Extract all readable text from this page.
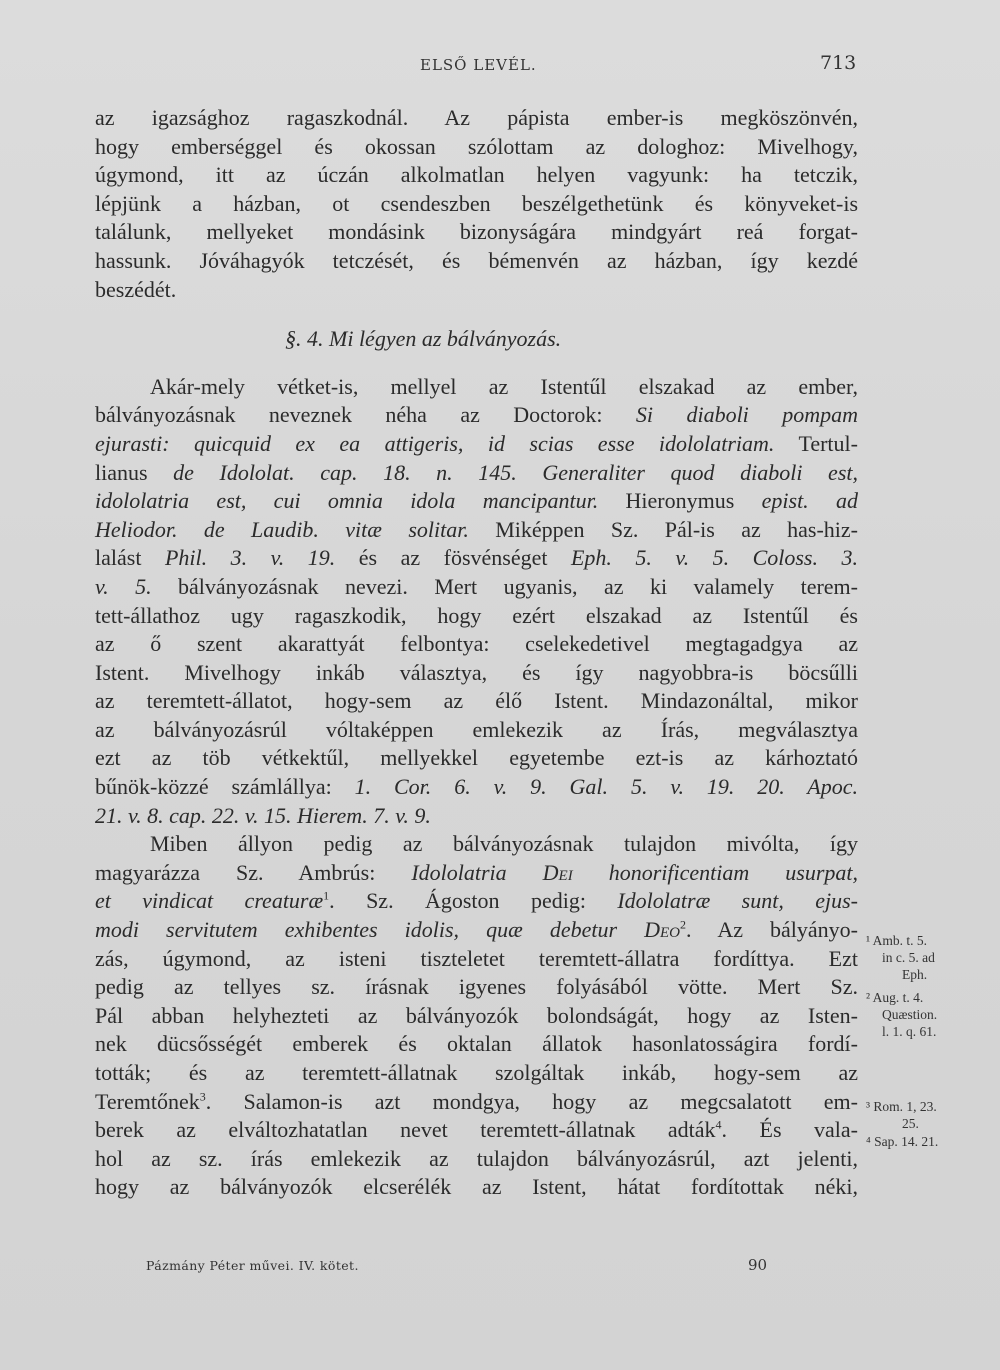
ELSŐ LEVÉL.	713
az igazsághoz ragaszkodnál. Az pápista ember-is megköszönvén,
hogy emberséggel és okossan szólottam az dologhoz: Mivelhogy,
úgymond, itt az úczán alkolmatlan helyen vagyunk: ha tetczik,
lépjünk a házban, ot csendeszben beszélgethetünk és könyveket-is
találunk, mellyeket mondásink bizonyságára mindgyárt reá forgat-
hassunk. Jóváhagyók tetczését, és bémenvén az házban, így kezdé
beszédét.
§. 4. Mi légyen az bálványozás.
Akár-mely vétket-is, mellyel az Istentűl elszakad az ember,
bálványozásnak neveznek néha az Doctorok: Si diaboli pompam
ejurasti: quicquid ex ea attigeris, id scias esse idololatriam. Tertul-
lianus de Idololat. cap. 18. n. 145. Generaliter quod diaboli est,
idololatria est, cui omnia idola mancipantur. Hieronymus epist. ad
Heliodor. de Laudib. vitæ solitar. Miképpen Sz. Pál-is az has-hiz-
lalást Phil. 3. v. 19. és az fösvénséget Eph. 5. v. 5. Coloss. 3.
v. 5. bálványozásnak nevezi. Mert ugyanis, az ki valamely terem-
tett-állathoz ugy ragaszkodik, hogy ezért elszakad az Istentűl és
az ő szent akarattyát felbontya: cselekedetivel megtagadgya az
Istent. Mivelhogy inkáb választya, és így nagyobbra-is böcsűlli
az teremtett-állatot, hogy-sem az élő Istent. Mindazonáltal, mikor
az bálványozásrúl vóltaképpen emlekezik az Írás, megválasztya
ezt az töb vétkektűl, mellyekkel egyetembe ezt-is az kárhoztató
bűnök-közzé számlállya: 1. Cor. 6. v. 9. Gal. 5. v. 19. 20. Apoc.
21. v. 8. cap. 22. v. 15. Hierem. 7. v. 9.
Miben állyon pedig az bálványozásnak tulajdon mivólta, így
magyarázza Sz. Ambrús: Idololatria Dei honorificentiam usurpat,
et vindicat creaturæ$^1$. Sz. Ágoston pedig: Idololatræ sunt, ejus-
modi servitutem exhibentes idolis, quæ debetur Deo$^2$. Az bályányo-
zás, úgymond, az isteni tiszteletet teremtett-állatra fordíttya. Ezt
pedig az tellyes sz. írásnak igyenes folyásából vötte. Mert Sz.
Pál abban helyhezteti az bálványozók bolondságát, hogy az Isten-
nek dücsősségét emberek és oktalan állatok hasonlatosságira fordí-
tották; és az teremtett-állatnak szolgáltak inkáb, hogy-sem az
Teremtőnek$^3$. Salamon-is azt mondgya, hogy az megcsalatott em-
berek az elváltozhatatlan nevet teremtett-állatnak adták$^4$. És vala-
hol az sz. írás emlekezik az tulajdon bálványozásrúl, azt jelenti,
hogy az bálványozók elcserélék az Istent, hátat fordítottak néki,
¹ Amb. t. 5.
in c. 5. ad
Eph.
² Aug. t. 4.
Quæstion.
l. 1. q. 61.
³ Rom. 1, 23.
25.
⁴ Sap. 14. 21.
Pázmány Péter művei. IV. kötet.	90
